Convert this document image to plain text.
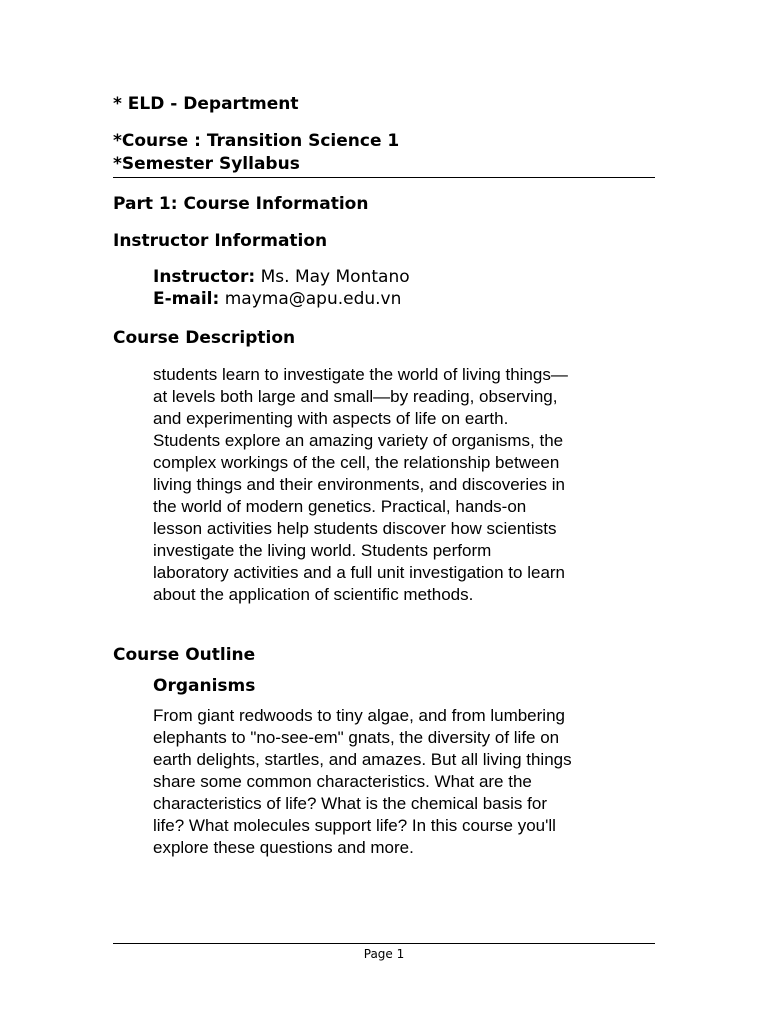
* ELD - Department

*Course : Transition Science 1

*Semester Syllabus

Part 1: Course Information

Instructor Information

Instructor: Ms. May Montano
E-mail: mayma@apu.edu.vn

Course Description

students learn to investigate the world of living things—
at levels both large and small—by reading, observing,
and experimenting with aspects of life on earth.
Students explore an amazing variety of organisms, the
complex workings of the cell, the relationship between
living things and their environments, and discoveries in
the world of modern genetics. Practical, hands-on
lesson activities help students discover how scientists
investigate the living world. Students perform
laboratory activities and a full unit investigation to learn
about the application of scientific methods.

Course Outline

Organisms

From giant redwoods to tiny algae, and from lumbering
elephants to "no-see-em" gnats, the diversity of life on
earth delights, startles, and amazes. But all living things
share some common characteristics. What are the
characteristics of life? What is the chemical basis for
life? What molecules support life? In this course you'll
explore these questions and more.
Page 1
